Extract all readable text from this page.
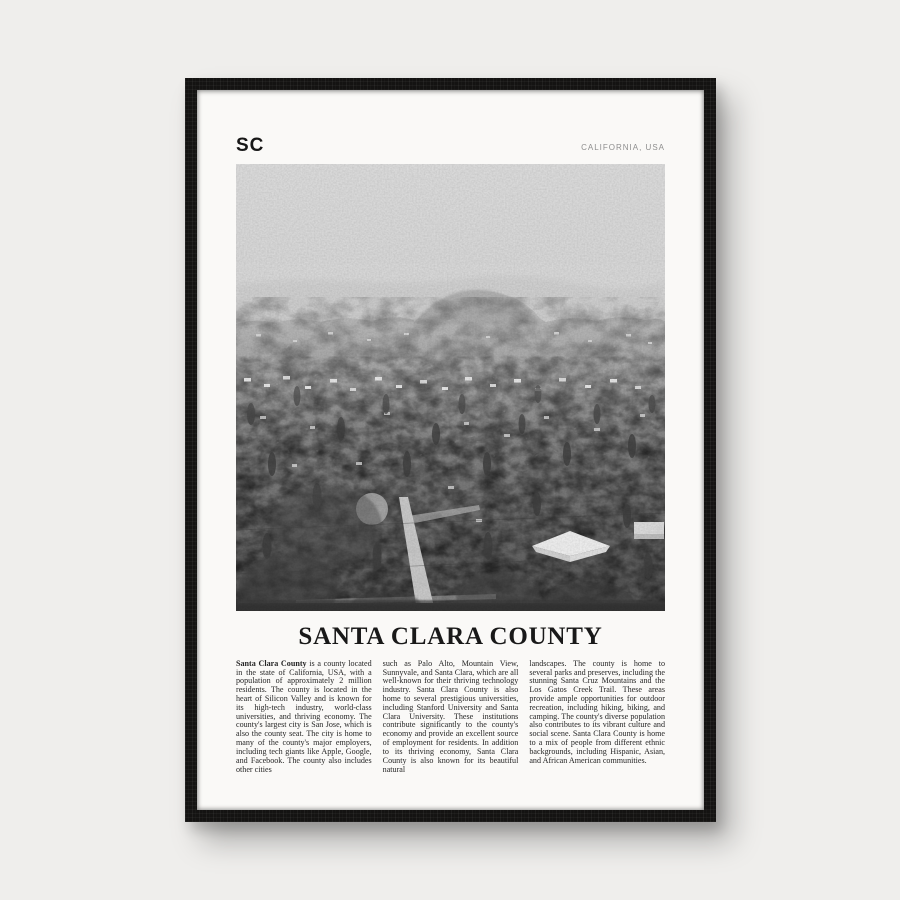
SC	CALIFORNIA, USA
SANTA CLARA COUNTY

Santa Clara County is a county located in the state of California, USA, with a population of approximately 2 million residents. The county is located in the heart of Silicon Valley and is known for its high-tech industry, world-class universities, and thriving economy. The county's largest city is San Jose, which is also the county seat. The city is home to many of the county's major employers, including tech giants like Apple, Google, and Facebook. The county also includes other cities

such as Palo Alto, Mountain View, Sunnyvale, and Santa Clara, which are all well-known for their thriving technology industry. Santa Clara County is also home to several prestigious universities, including Stanford University and Santa Clara University. These institutions contribute significantly to the county's economy and provide an excellent source of employment for residents. In addition to its thriving economy, Santa Clara County is also known for its beautiful natural

landscapes. The county is home to several parks and preserves, including the stunning Santa Cruz Mountains and the Los Gatos Creek Trail. These areas provide ample opportunities for outdoor recreation, including hiking, biking, and camping. The county's diverse population also contributes to its vibrant culture and social scene. Santa Clara County is home to a mix of people from different ethnic backgrounds, including Hispanic, Asian, and African American communities.
